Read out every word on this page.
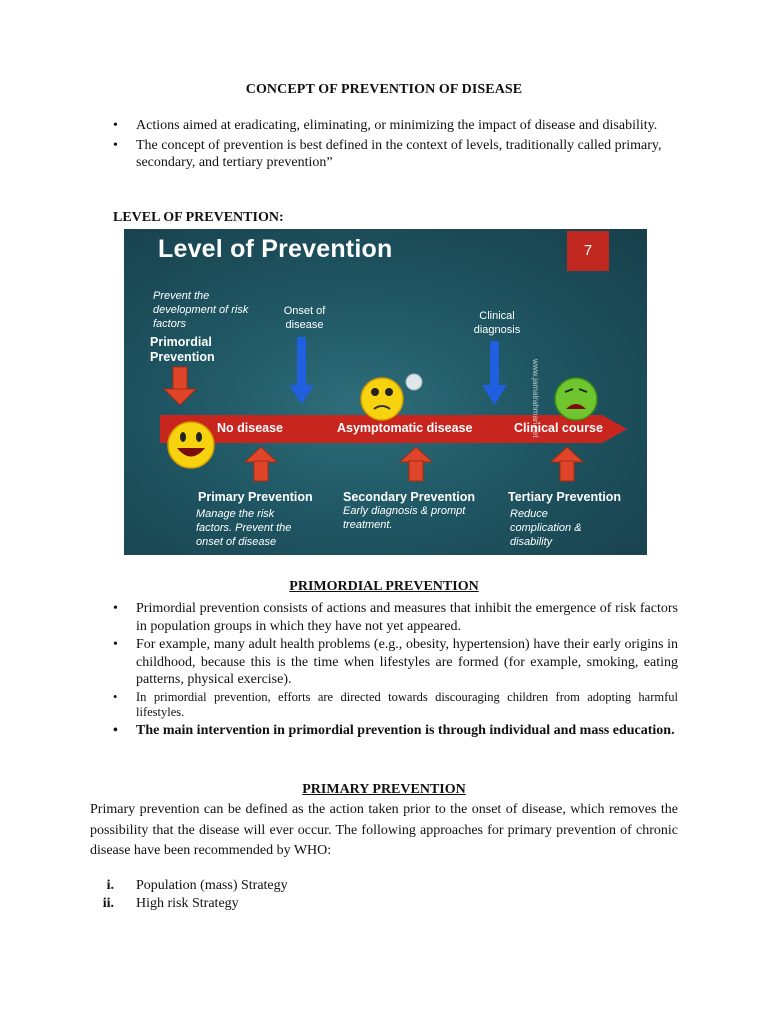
CONCEPT OF PREVENTION OF DISEASE
• Actions aimed at eradicating, eliminating, or minimizing the impact of disease and disability.
• The concept of prevention is best defined in the context of levels, traditionally called primary, secondary, and tertiary prevention”
LEVEL OF PREVENTION:
Level of Prevention	7
www.jamalrahman.net
Prevent the development of risk factors
Primordial Prevention
Onset of disease
Clinical diagnosis
No disease	Asymptomatic disease	Clinical course
Primary Prevention
Manage the risk factors. Prevent the onset of disease
Secondary Prevention
Early diagnosis & prompt treatment.
Tertiary Prevention
Reduce complication & disability
PRIMORDIAL PREVENTION
• Primordial prevention consists of actions and measures that inhibit the emergence of risk factors in population groups in which they have not yet appeared.
• For example, many adult health problems (e.g., obesity, hypertension) have their early origins in childhood, because this is the time when lifestyles are formed (for example, smoking, eating patterns, physical exercise).
• In primordial prevention, efforts are directed towards discouraging children from adopting harmful lifestyles.
• The main intervention in primordial prevention is through individual and mass education.
PRIMARY PREVENTION

Primary prevention can be defined as the action taken prior to the onset of disease, which removes the possibility that the disease will ever occur. The following approaches for primary prevention of chronic disease have been recommended by WHO:

i. Population (mass) Strategy
ii. High risk Strategy
